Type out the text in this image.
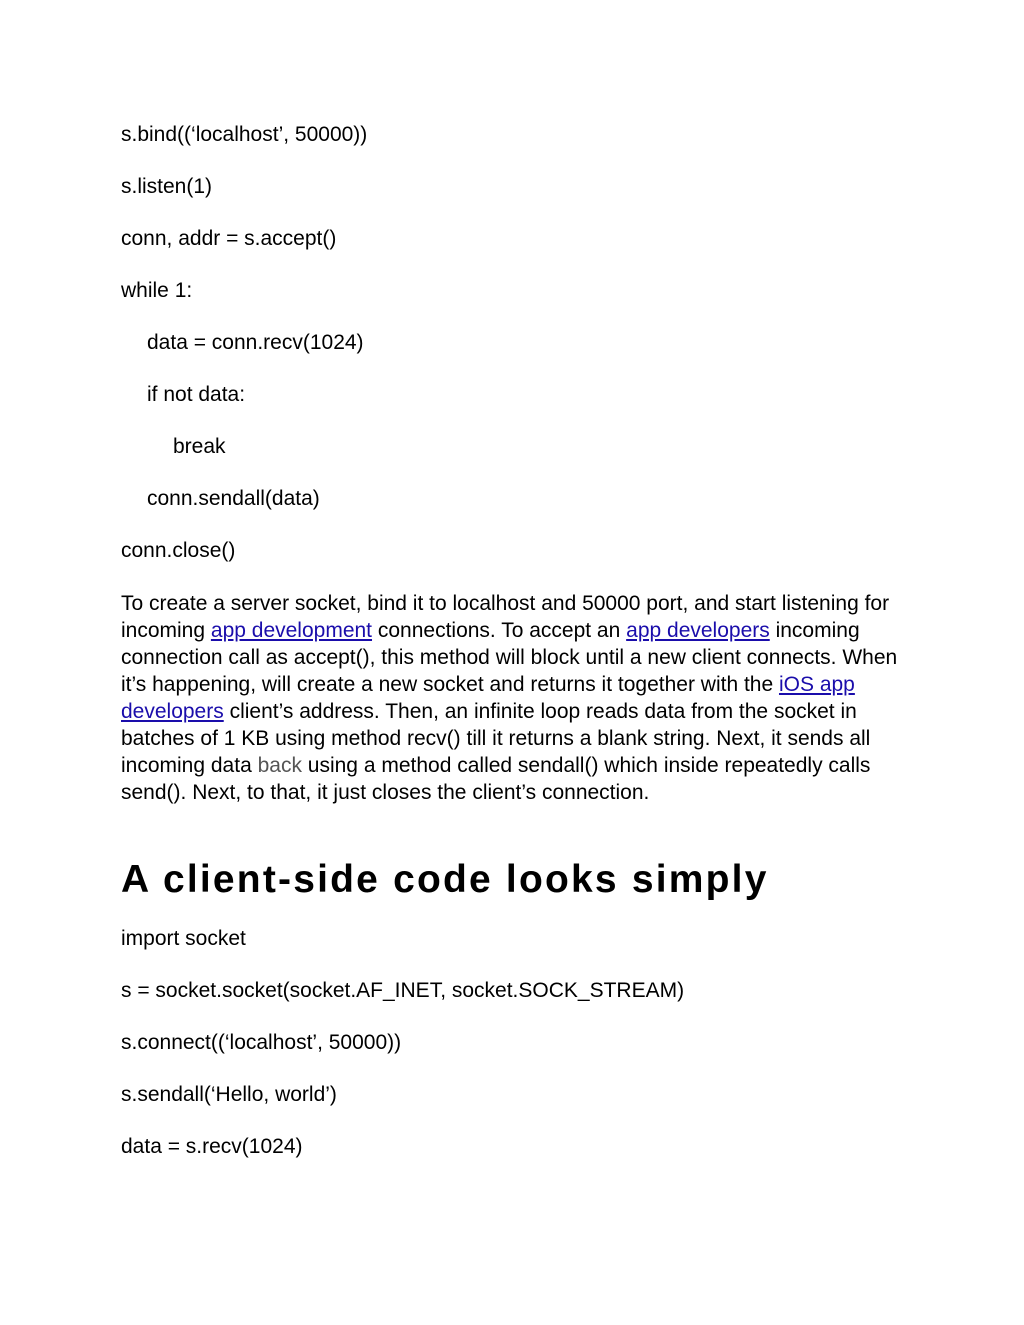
s.bind((‘localhost’, 50000))

s.listen(1)

conn, addr = s.accept()

while 1:

data = conn.recv(1024)

if not data:

break

conn.sendall(data)

conn.close()

To create a server socket, bind it to localhost and 50000 port, and start listening for incoming app development connections. To accept an app developers incoming connection call as accept(), this method will block until a new client connects. When it’s happening, will create a new socket and returns it together with the iOS app developers client’s address. Then, an infinite loop reads data from the socket in batches of 1 KB using method recv() till it returns a blank string. Next, it sends all incoming data back using a method called sendall() which inside repeatedly calls send(). Next, to that, it just closes the client’s connection.

A client-side code looks simply

import socket

s = socket.socket(socket.AF_INET, socket.SOCK_STREAM)

s.connect((‘localhost’, 50000))

s.sendall(‘Hello, world’)

data = s.recv(1024)
